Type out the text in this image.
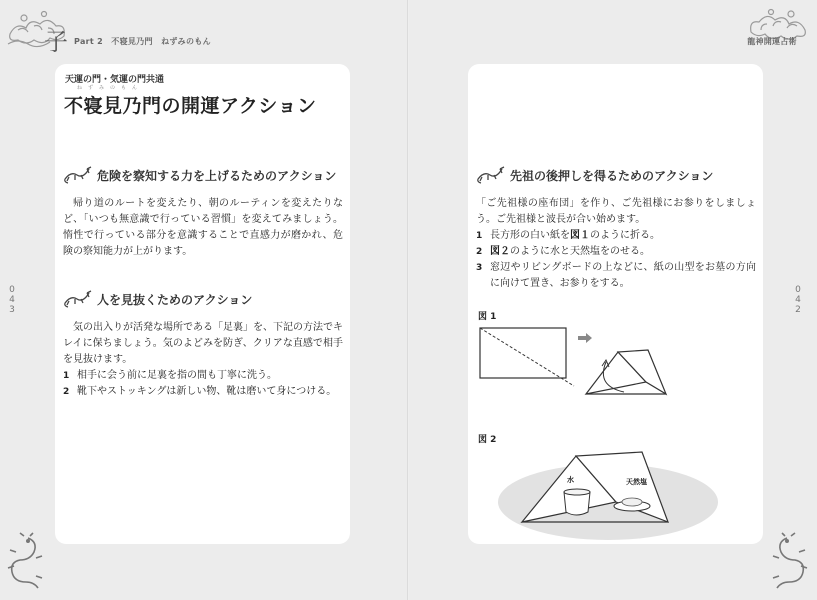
子 Part 2　不寝見乃門　ねずみのもん
0
4
3
天運の門・気運の門共通
ねずみのもん
不寝見乃門の開運アクション
危険を察知する力を上げるためのアクション

帰り道のルートを変えたり、朝のルーティンを変えたりなど、「いつも無意識で行っている習慣」を変えてみましょう。惰性で行っている部分を意識することで直感力が磨かれ、危険の察知能力が上がります。

人を見抜くためのアクション

気の出入りが活発な場所である「足裏」を、下記の方法でキレイに保ちましょう。気のよどみを防ぎ、クリアな直感で相手を見抜けます。

1 相手に会う前に足裏を指の間も丁寧に洗う。
2 靴下やストッキングは新しい物、靴は磨いて身につける。
龍神開運占術
0
4
2
先祖の後押しを得るためのアクション

「ご先祖様の座布団」を作り、ご先祖様にお参りをしましょう。ご先祖様と波長が合い始めます。

1 長方形の白い紙を図１のように折る。
2 図２のように水と天然塩をのせる。
3 窓辺やリビングボードの上などに、紙の山型をお墓の方向に向けて置き、お参りをする。
図 1
図 2
水	天然塩
